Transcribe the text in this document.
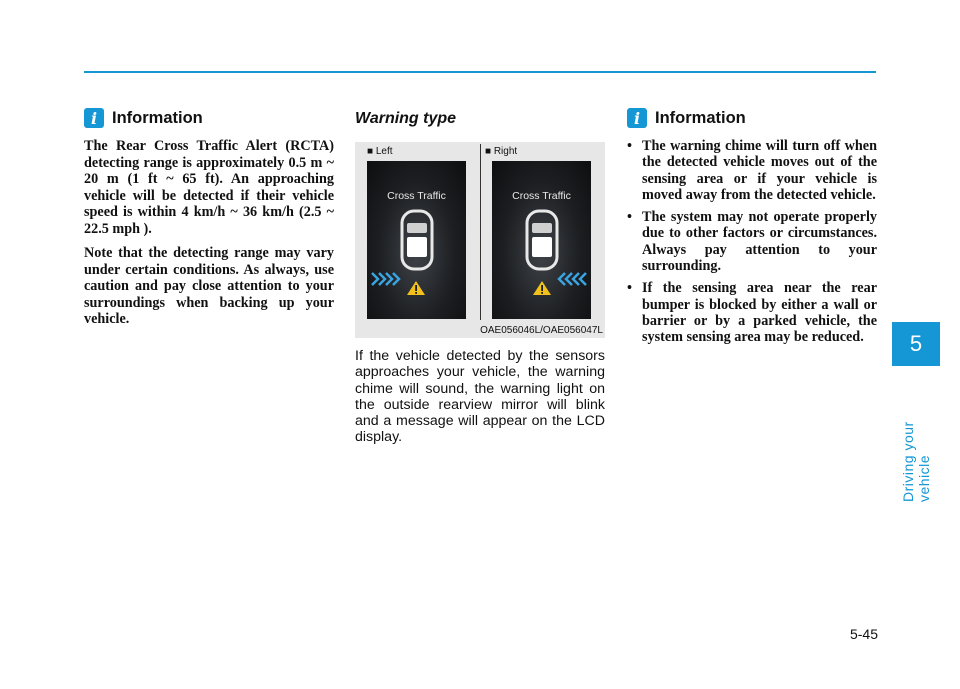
i Information

The Rear Cross Traffic Alert (RCTA) detecting range is approximately 0.5 m ~ 20 m (1 ft ~ 65 ft). An approaching vehicle will be detected if their vehicle speed is within 4 km/h ~ 36 km/h (2.5 ~ 22.5 mph ).

Note that the detecting range may vary under certain conditions. As always, use caution and pay close attention to your surroundings when backing up your vehicle.

Warning type
■ Left	■ Right
Cross Traffic	Cross Traffic
OAE056046L/OAE056047L

If the vehicle detected by the sensors approaches your vehicle, the warning chime will sound, the warning light on the outside rearview mirror will blink and a message will appear on the LCD display.

i Information
• The warning chime will turn off when the detected vehicle moves out of the sensing area or if your vehicle is moved away from the detected vehicle.
• The system may not operate properly due to other factors or circumstances. Always pay attention to your surrounding.
• If the sensing area near the rear bumper is blocked by either a wall or barrier or by a parked vehicle, the system sensing area may be reduced.	5
Driving your vehicle
5-45
